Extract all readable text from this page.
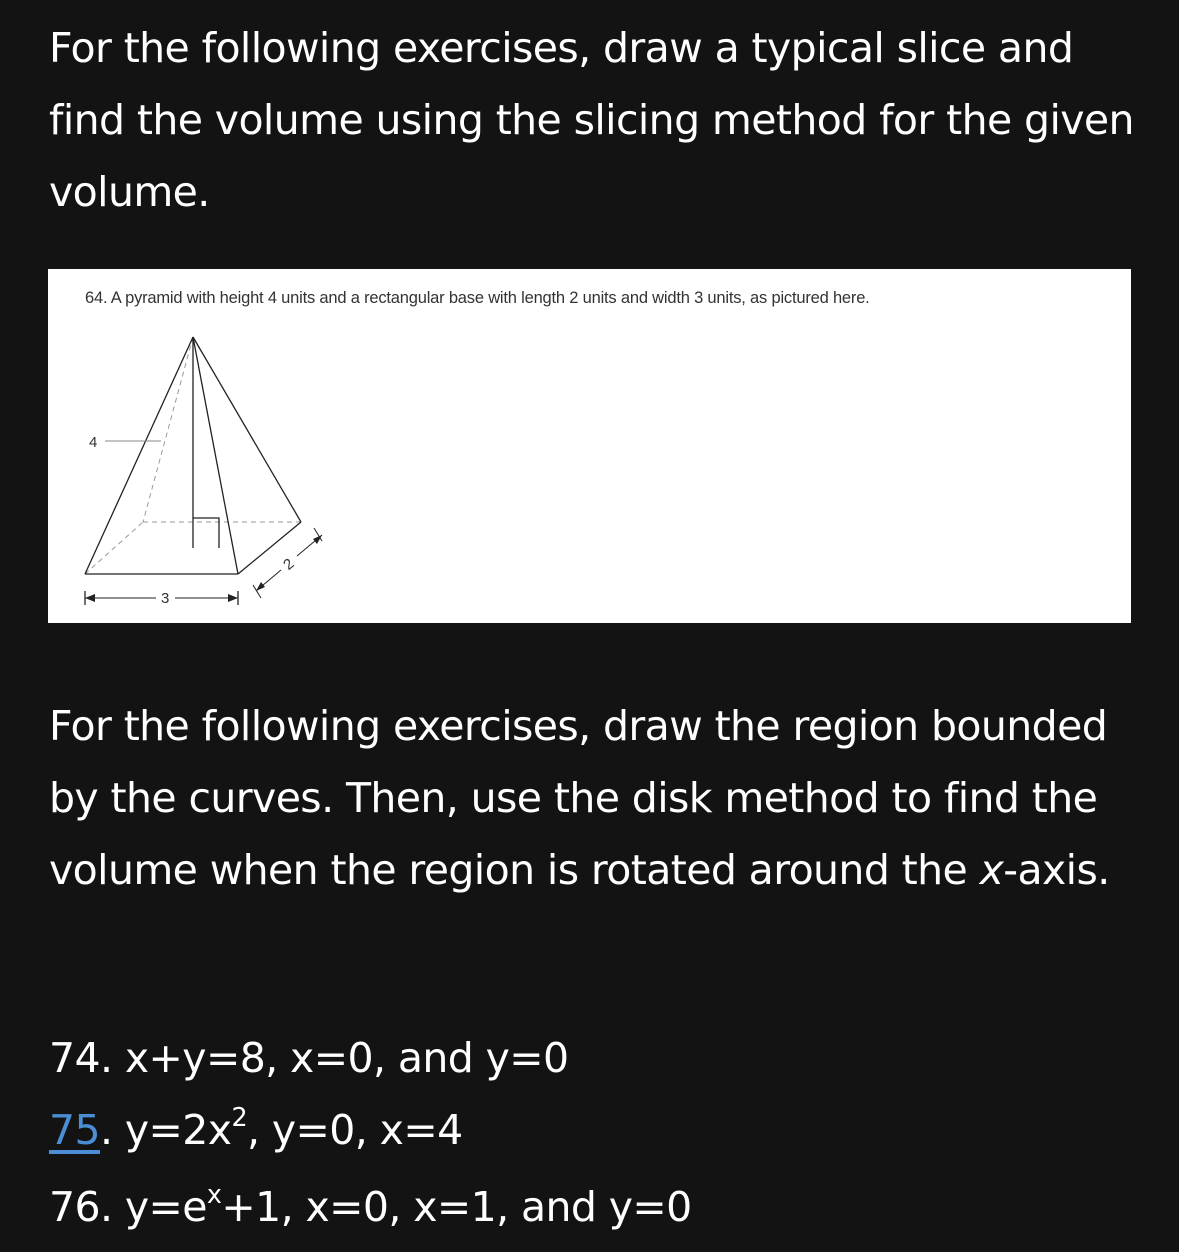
For the following exercises, draw a typical slice and find the volume using the slicing method for the given volume.

64. A pyramid with height 4 units and a rectangular base with length 2 units and width 3 units, as pictured here.

4
3
2

For the following exercises, draw the region bounded by the curves. Then, use the disk method to find the volume when the region is rotated around the x-axis.

74. x+y=8, x=0, and y=0
75. $y=2x^2$, y=0, x=4
76. $y=e^x+1$, x=0, x=1, and y=0
